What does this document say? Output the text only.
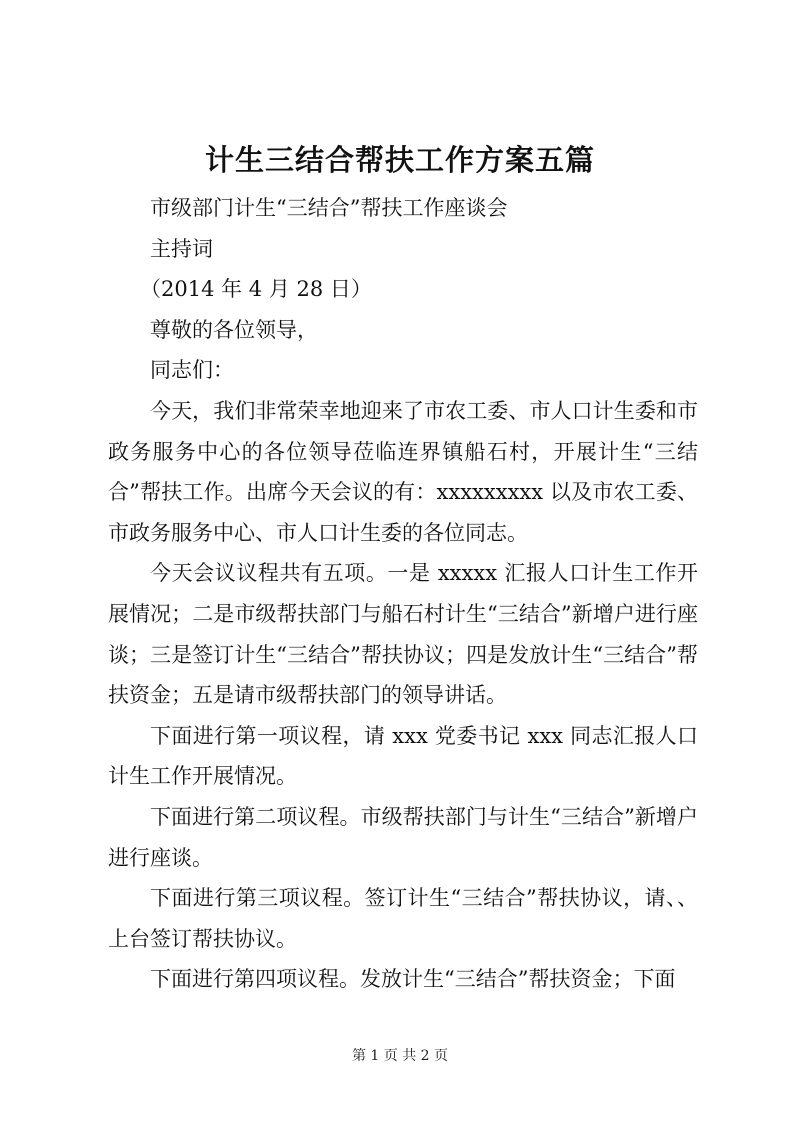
计生三结合帮扶工作方案五篇

市级部门计生“三结合”帮扶工作座谈会

主持词

（2014 年 4 月 28 日）

尊敬的各位领导，

同志们：

今天，我们非常荣幸地迎来了市农工委、市人口计生委和市政务服务中心的各位领导莅临连界镇船石村，开展计生“三结合”帮扶工作。出席今天会议的有：xxxxxxxxx 以及市农工委、市政务服务中心、市人口计生委的各位同志。

今天会议议程共有五项。一是 xxxxx 汇报人口计生工作开展情况；二是市级帮扶部门与船石村计生“三结合”新增户进行座谈；三是签订计生“三结合”帮扶协议；四是发放计生“三结合”帮扶资金；五是请市级帮扶部门的领导讲话。

下面进行第一项议程，请 xxx 党委书记 xxx 同志汇报人口计生工作开展情况。

下面进行第二项议程。市级帮扶部门与计生“三结合”新增户进行座谈。

下面进行第三项议程。签订计生“三结合”帮扶协议，请、、上台签订帮扶协议。

下面进行第四项议程。发放计生“三结合”帮扶资金；下面

第 1 页 共 2 页
